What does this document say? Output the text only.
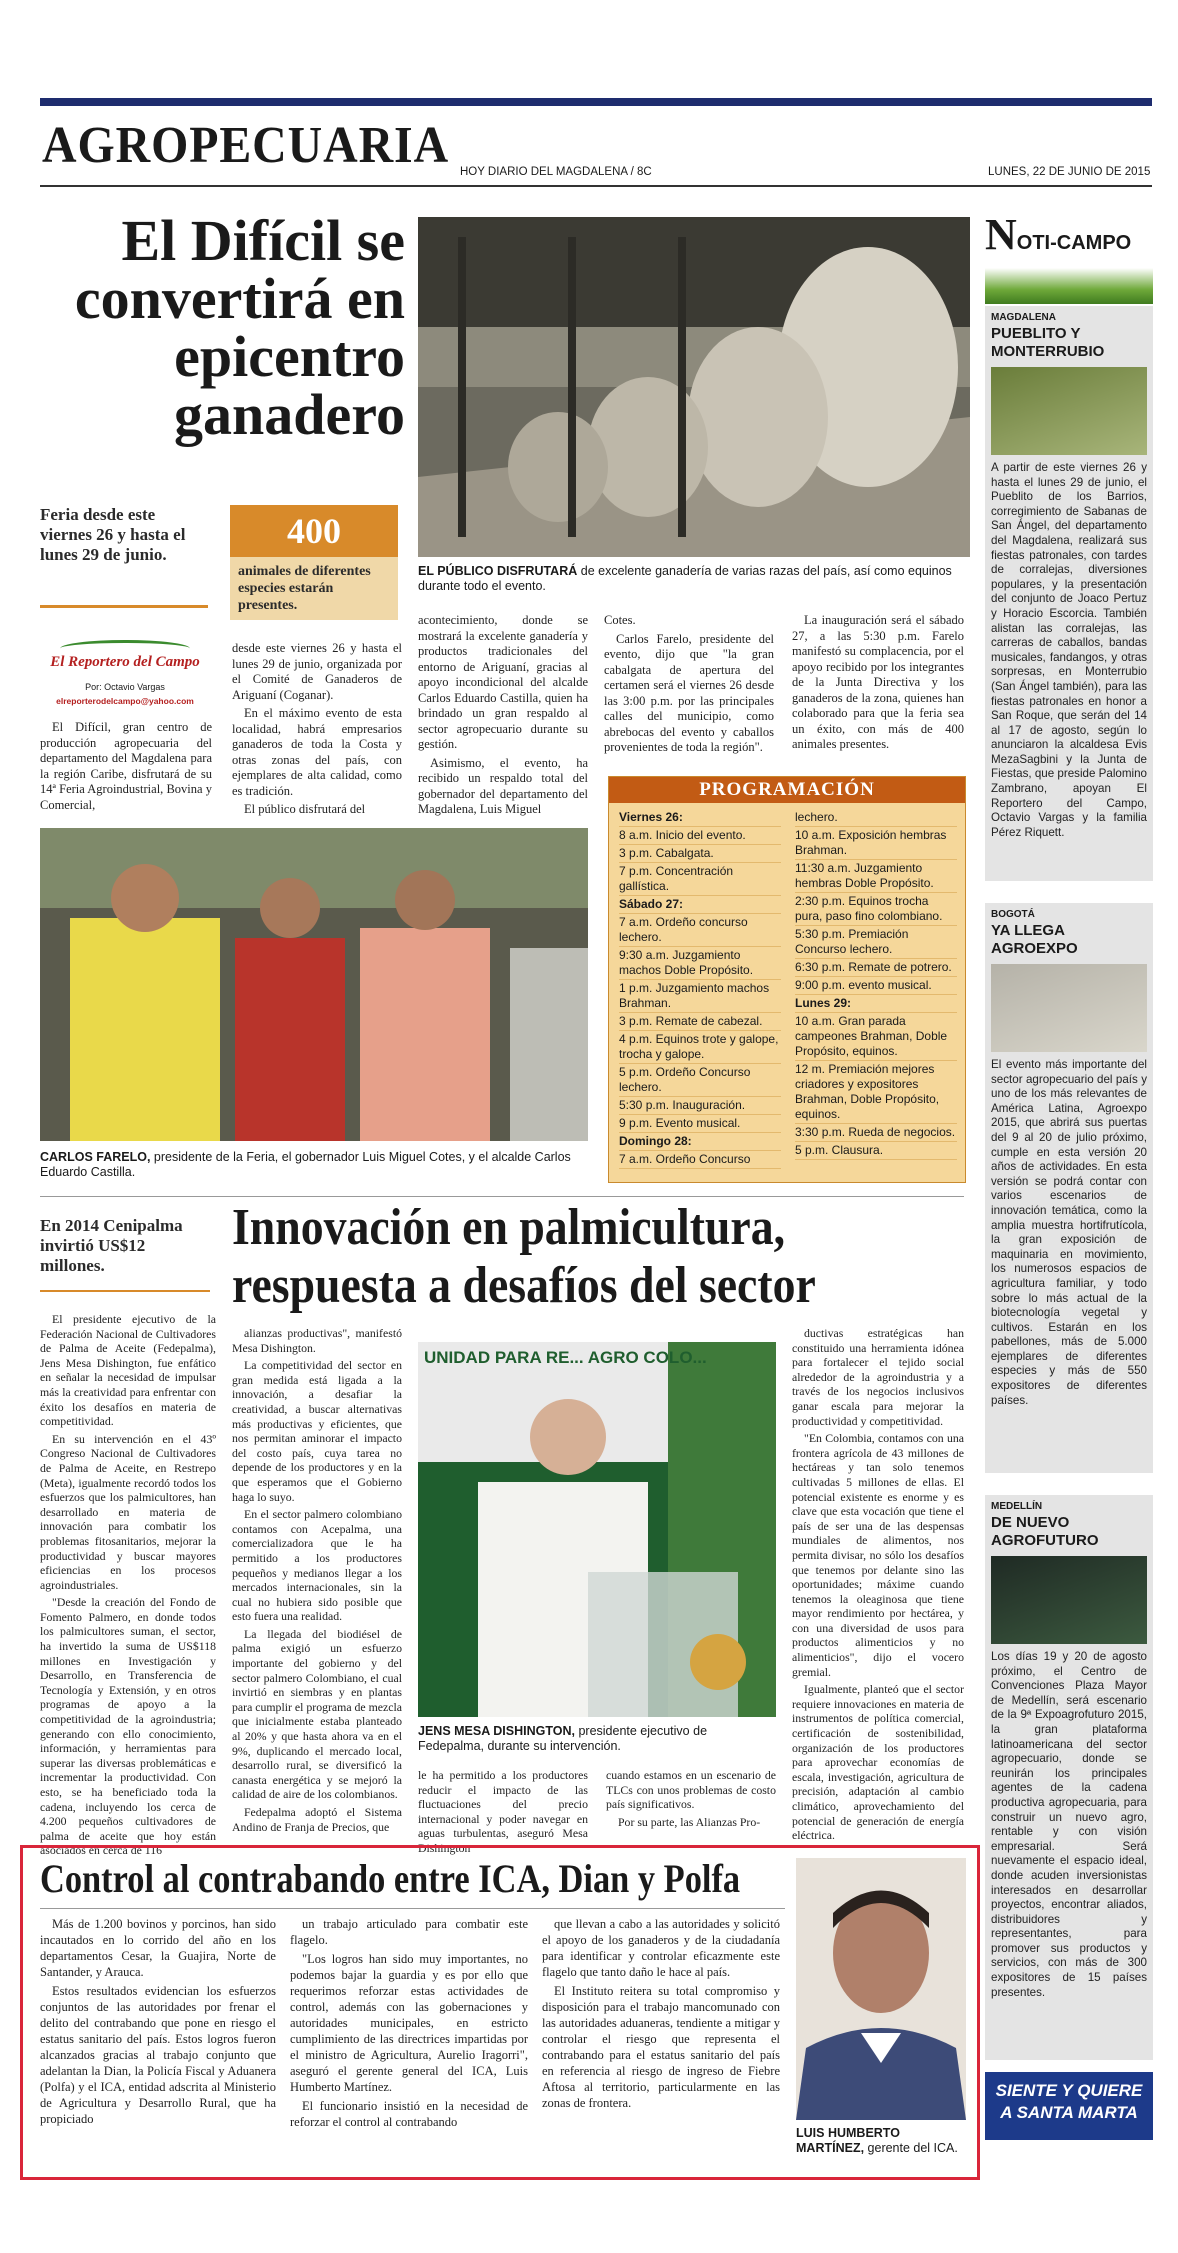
AGROPECUARIA HOY DIARIO DEL MAGDALENA / 8C	LUNES, 22 DE JUNIO DE 2015
El Difícil se convertirá en epicentro ganadero
Feria desde este viernes 26 y hasta el lunes 29 de junio.
El Reportero del Campo
Por: Octavio Vargas
elreporterodelcampo@yahoo.com
400
animales de diferentes especies estarán presentes.
EL PÚBLICO DISFRUTARÁ de excelente ganadería de varias razas del país, así como equinos durante todo el evento.

El Difícil, gran centro de producción agropecuaria del departamento del Magdalena para la región Caribe, disfrutará de su 14ª Feria Agroindustrial, Bovina y Comercial,

desde este viernes 26 y hasta el lunes 29 de junio, organizada por el Comité de Ganaderos de Ariguaní (Coganar).

En el máximo evento de esta localidad, habrá empresarios ganaderos de toda la Costa y otras zonas del país, con ejemplares de alta calidad, como es tradición.

El público disfrutará del

acontecimiento, donde se mostrará la excelente ganadería y productos tradicionales del entorno de Ariguaní, gracias al apoyo incondicional del alcalde Carlos Eduardo Castilla, quien ha brindado un gran respaldo al sector agropecuario durante su gestión.

Asimismo, el evento, ha recibido un respaldo total del gobernador del departamento del Magdalena, Luis Miguel

Cotes.

Carlos Farelo, presidente del evento, dijo que "la gran cabalgata de apertura del certamen será el viernes 26 desde las 3:00 p.m. por las principales calles del municipio, como abrebocas del evento y caballos provenientes de toda la región".

La inauguración será el sábado 27, a las 5:30 p.m. Farelo manifestó su complacencia, por el apoyo recibido por los integrantes de la Junta Directiva y los ganaderos de la zona, quienes han colaborado para que la feria sea un éxito, con más de 400 animales presentes.

CARLOS FARELO, presidente de la Feria, el gobernador Luis Miguel Cotes, y el alcalde Carlos Eduardo Castilla.
PROGRAMACIÓN
Viernes 26:
8 a.m. Inicio del evento.
3 p.m. Cabalgata.
7 p.m. Concentración gallística.
Sábado 27:
7 a.m. Ordeño concurso lechero.
9:30 a.m. Juzgamiento machos Doble Propósito.
1 p.m. Juzgamiento machos Brahman.
3 p.m. Remate de cabezal.
4 p.m. Equinos trote y galope, trocha y galope.
5 p.m. Ordeño Concurso lechero.
5:30 p.m. Inauguración.
9 p.m. Evento musical.
Domingo 28:
7 a.m. Ordeño Concurso
lechero.
10 a.m. Exposición hembras Brahman.
11:30 a.m. Juzgamiento hembras Doble Propósito.
2:30 p.m. Equinos trocha pura, paso fino colombiano.
5:30 p.m. Premiación Concurso lechero.
6:30 p.m. Remate de potrero.
9:00 p.m. evento musical.
Lunes 29:
10 a.m. Gran parada campeones Brahman, Doble Propósito, equinos.
12 m. Premiación mejores criadores y expositores Brahman, Doble Propósito, equinos.
3:30 p.m. Rueda de negocios.
5 p.m. Clausura.
En 2014 Cenipalma invirtió US$12 millones.
Innovación en palmicultura,
respuesta a desafíos del sector

El presidente ejecutivo de la Federación Nacional de Cultivadores de Palma de Aceite (Fedepalma), Jens Mesa Dishington, fue enfático en señalar la necesidad de impulsar más la creatividad para enfrentar con éxito los desafíos en materia de competitividad.

En su intervención en el 43º Congreso Nacional de Cultivadores de Palma de Aceite, en Restrepo (Meta), igualmente recordó todos los esfuerzos que los palmicultores, han desarrollado en materia de innovación para combatir los problemas fitosanitarios, mejorar la productividad y buscar mayores eficiencias en los procesos agroindustriales.

"Desde la creación del Fondo de Fomento Palmero, en donde todos los palmicultores suman, el sector, ha invertido la suma de US$118 millones en Investigación y Desarrollo, en Transferencia de Tecnología y Extensión, y en otros programas de apoyo a la competitividad de la agroindustria; generando con ello conocimiento, información, y herramientas para superar las diversas problemáticas e incrementar la productividad. Con esto, se ha beneficiado toda la cadena, incluyendo los cerca de 4.200 pequeños cultivadores de palma de aceite que hoy están asociados en cerca de 116

alianzas productivas", manifestó Mesa Dishington.

La competitividad del sector en gran medida está ligada a la innovación, a desafiar la creatividad, a buscar alternativas más productivas y eficientes, que nos permitan aminorar el impacto del costo país, cuya tarea no depende de los productores y en la que esperamos que el Gobierno haga lo suyo.

En el sector palmero colombiano contamos con Acepalma, una comercializadora que le ha permitido a los productores pequeños y medianos llegar a los mercados internacionales, sin la cual no hubiera sido posible que esto fuera una realidad.

La llegada del biodiésel de palma exigió un esfuerzo importante del gobierno y del sector palmero Colombiano, el cual invirtió en siembras y en plantas para cumplir el programa de mezcla que inicialmente estaba planteado al 20% y que hasta ahora va en el 9%, duplicando el mercado local, desarrollo rural, se diversificó la canasta energética y se mejoró la calidad de aire de los colombianos.

Fedepalma adoptó el Sistema Andino de Franja de Precios, que

UNIDAD PARA RE... AGRO COLO...
JENS MESA DISHINGTON, presidente ejecutivo de Fedepalma, durante su intervención.

le ha permitido a los productores reducir el impacto de las fluctuaciones del precio internacional y poder navegar en aguas turbulentas, aseguró Mesa Dishington

cuando estamos en un escenario de TLCs con unos problemas de costo país significativos.

Por su parte, las Alianzas Pro-

ductivas estratégicas han constituido una herramienta idónea para fortalecer el tejido social alrededor de la agroindustria y a través de los negocios inclusivos ganar escala para mejorar la productividad y competitividad.

"En Colombia, contamos con una frontera agrícola de 43 millones de hectáreas y tan solo tenemos cultivadas 5 millones de ellas. El potencial existente es enorme y es clave que esta vocación que tiene el país de ser una de las despensas mundiales de alimentos, nos permita divisar, no sólo los desafíos que tenemos por delante sino las oportunidades; máxime cuando tenemos la oleaginosa que tiene mayor rendimiento por hectárea, y con una diversidad de usos para productos alimenticios y no alimenticios", dijo el vocero gremial.

Igualmente, planteó que el sector requiere innovaciones en materia de instrumentos de política comercial, certificación de sostenibilidad, organización de los productores para aprovechar economías de escala, investigación, agricultura de precisión, adaptación al cambio climático, aprovechamiento del potencial de generación de energía eléctrica.

Control al contrabando entre ICA, Dian y Polfa

Más de 1.200 bovinos y porcinos, han sido incautados en lo corrido del año en los departamentos Cesar, la Guajira, Norte de Santander, y Arauca.

Estos resultados evidencian los esfuerzos conjuntos de las autoridades por frenar el delito del contrabando que pone en riesgo el estatus sanitario del país. Estos logros fueron alcanzados gracias al trabajo conjunto que adelantan la Dian, la Policía Fiscal y Aduanera (Polfa) y el ICA, entidad adscrita al Ministerio de Agricultura y Desarrollo Rural, que ha propiciado

un trabajo articulado para combatir este flagelo.

"Los logros han sido muy importantes, no podemos bajar la guardia y es por ello que requerimos reforzar estas actividades de control, además con las gobernaciones y autoridades municipales, en estricto cumplimiento de las directrices impartidas por el ministro de Agricultura, Aurelio Iragorri", aseguró el gerente general del ICA, Luis Humberto Martínez.

El funcionario insistió en la necesidad de reforzar el control al contrabando

que llevan a cabo a las autoridades y solicitó el apoyo de los ganaderos y de la ciudadanía para identificar y controlar eficazmente este flagelo que tanto daño le hace al país.

El Instituto reitera su total compromiso y disposición para el trabajo mancomunado con las autoridades aduaneras, tendiente a mitigar y controlar el riesgo que representa el contrabando para el estatus sanitario del país en referencia al riesgo de ingreso de Fiebre Aftosa al territorio, particularmente en las zonas de frontera.

LUIS HUMBERTO MARTÍNEZ, gerente del ICA.
NOTI-CAMPO
MAGDALENA
PUEBLITO Y MONTERRUBIO
A partir de este viernes 26 y hasta el lunes 29 de junio, el Pueblito de los Barrios, corregimiento de Sabanas de San Ángel, del departamento del Magdalena, realizará sus fiestas patronales, con tardes de corralejas, diversiones populares, y la presentación del conjunto de Joaco Pertuz y Horacio Escorcia. También alistan las corralejas, las carreras de caballos, bandas musicales, fandangos, y otras sorpresas, en Monterrubio (San Ángel también), para las fiestas patronales en honor a San Roque, que serán del 14 al 17 de agosto, según lo anunciaron la alcaldesa Evis MezaSagbini y la Junta de Fiestas, que preside Palomino Zambrano, apoyan El Reportero del Campo, Octavio Vargas y la familia Pérez Riquett.
BOGOTÁ
YA LLEGA AGROEXPO
El evento más importante del sector agropecuario del país y uno de los más relevantes de América Latina, Agroexpo 2015, que abrirá sus puertas del 9 al 20 de julio próximo, cumple en esta versión 20 años de actividades. En esta versión se podrá contar con varios escenarios de innovación temática, como la amplia muestra hortifrutícola, la gran exposición de maquinaria en movimiento, los numerosos espacios de agricultura familiar, y todo sobre lo más actual de la biotecnología vegetal y cultivos. Estarán en los pabellones, más de 5.000 ejemplares de diferentes especies y más de 550 expositores de diferentes países.
MEDELLÍN
DE NUEVO AGROFUTURO
Los días 19 y 20 de agosto próximo, el Centro de Convenciones Plaza Mayor de Medellín, será escenario de la 9ª Expoagrofuturo 2015, la gran plataforma latinoamericana del sector agropecuario, donde se reunirán los principales agentes de la cadena productiva agropecuaria, para construir un nuevo agro, rentable y con visión empresarial. Será nuevamente el espacio ideal, donde acuden inversionistas interesados en desarrollar proyectos, encontrar aliados, distribuidores y representantes, para promover sus productos y servicios, con más de 300 expositores de 15 países presentes.
SIENTE Y QUIERE
A SANTA MARTA
